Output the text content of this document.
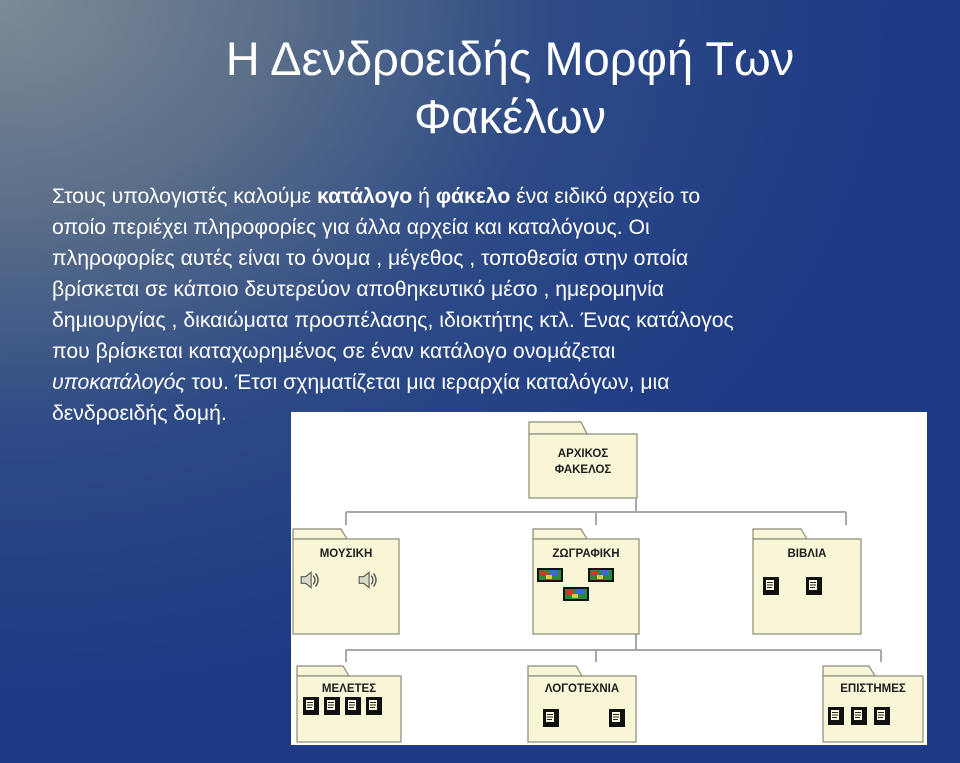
Η Δενδροειδής Μορφή Των
Φακέλων
Στους υπολογιστές καλούμε κατάλογο ή φάκελο ένα ειδικό αρχείο το
οποίο περιέχει πληροφορίες για άλλα αρχεία και καταλόγους. Οι
πληροφορίες αυτές είναι το όνομα , μέγεθος , τοποθεσία στην οποία
βρίσκεται σε κάποιο δευτερεύον αποθηκευτικό μέσο , ημερομηνία
δημιουργίας , δικαιώματα προσπέλασης, ιδιοκτήτης κτλ. Ένας κατάλογος
που βρίσκεται καταχωρημένος σε έναν κατάλογο ονομάζεται
υποκατάλογός του. Έτσι σχηματίζεται μια ιεραρχία καταλόγων, μια
δενδροειδής δομή.
ΑΡΧΙΚΟΣ
ΦΑΚΕΛΟΣ
ΜΟΥΣΙΚΗ	ΖΩΓΡΑΦΙΚΗ	ΒΙΒΛΙΑ
ΜΕΛΕΤΕΣ	ΛΟΓΟΤΕΧΝΙΑ	ΕΠΙΣΤΗΜΕΣ
